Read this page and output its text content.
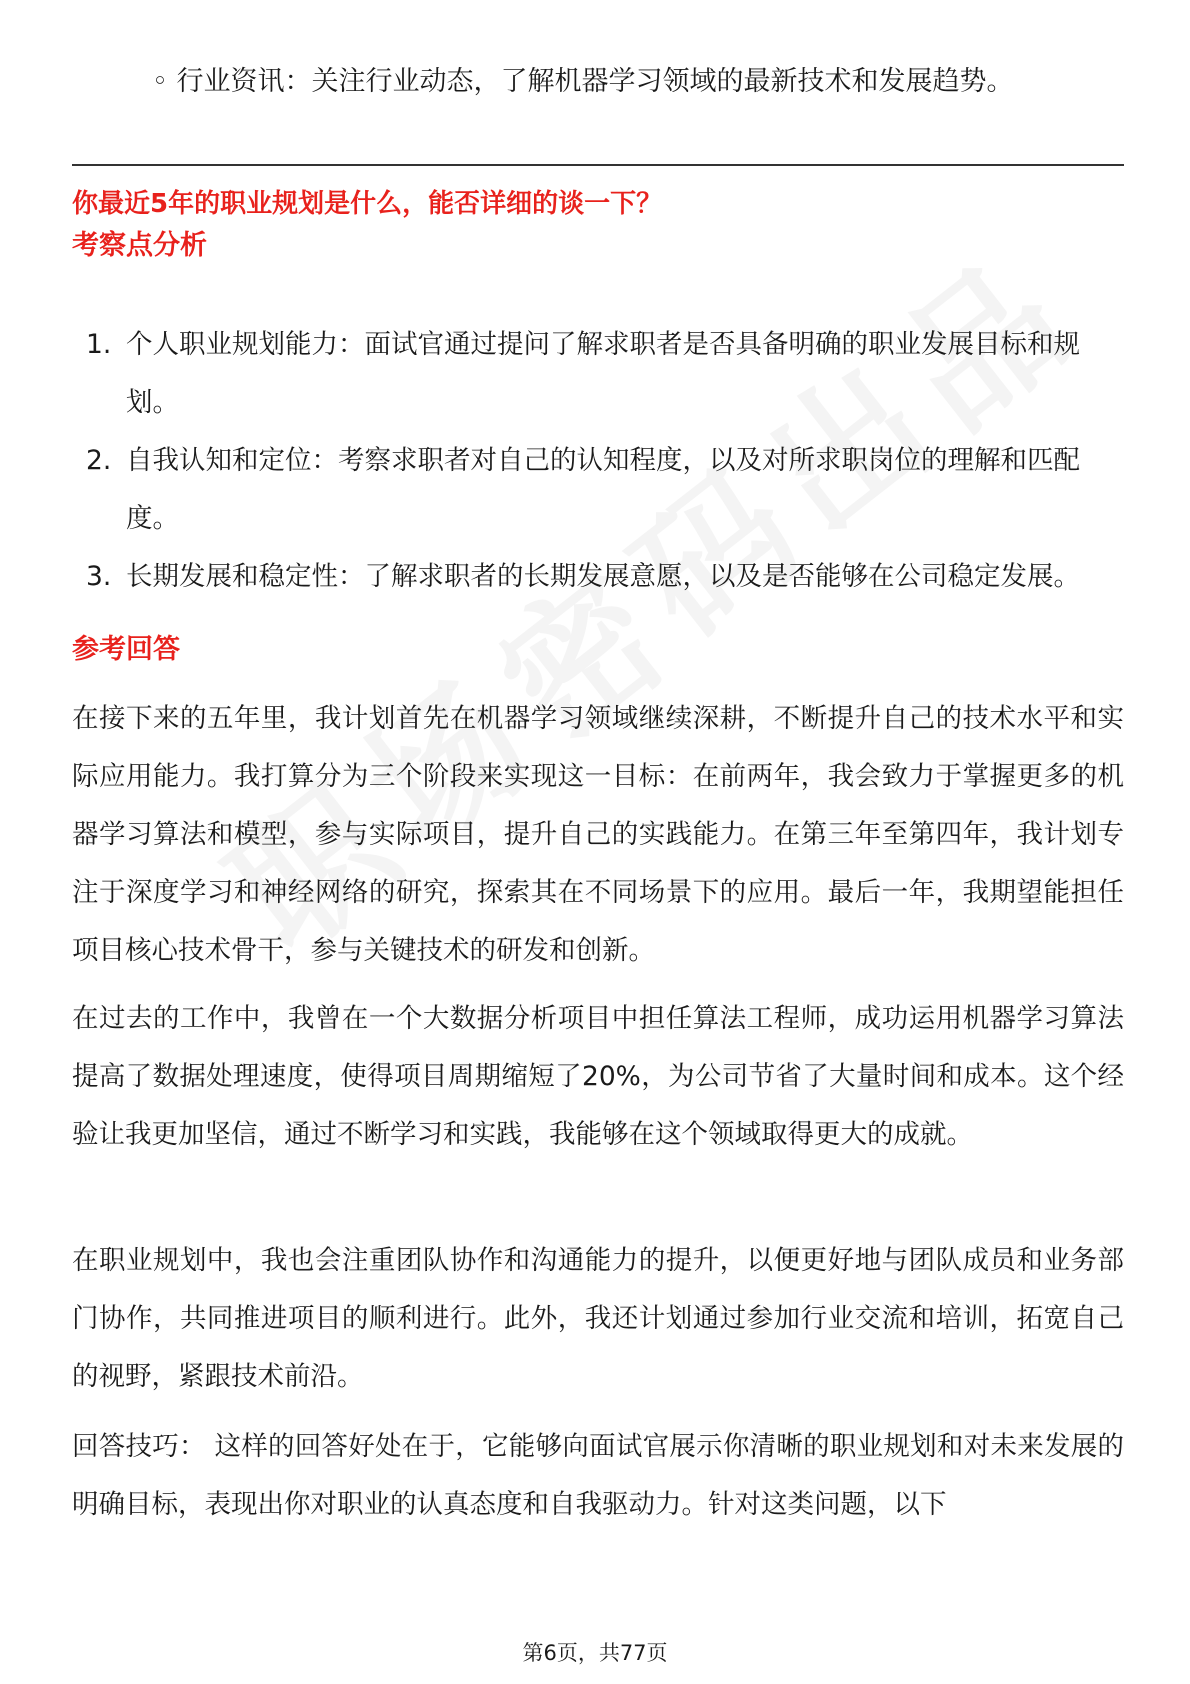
◦ 行业资讯：关注行业动态，了解机器学习领域的最新技术和发展趋势。
你最近5年的职业规划是什么，能否详细的谈一下？
考察点分析
1. 个人职业规划能力：面试官通过提问了解求职者是否具备明确的职业发展目标和规划。
2. 自我认知和定位：考察求职者对自己的认知程度，以及对所求职岗位的理解和匹配度。
3. 长期发展和稳定性：了解求职者的长期发展意愿，以及是否能够在公司稳定发展。
参考回答

在接下来的五年里，我计划首先在机器学习领域继续深耕，不断提升自己的技术水平和实际应用能力。我打算分为三个阶段来实现这一目标：在前两年，我会致力于掌握更多的机器学习算法和模型，参与实际项目，提升自己的实践能力。在第三年至第四年，我计划专注于深度学习和神经网络的研究，探索其在不同场景下的应用。最后一年，我期望能担任项目核心技术骨干，参与关键技术的研发和创新。

在过去的工作中，我曾在一个大数据分析项目中担任算法工程师，成功运用机器学习算法提高了数据处理速度，使得项目周期缩短了20%，为公司节省了大量时间和成本。这个经验让我更加坚信，通过不断学习和实践，我能够在这个领域取得更大的成就。

在职业规划中，我也会注重团队协作和沟通能力的提升，以便更好地与团队成员和业务部门协作，共同推进项目的顺利进行。此外，我还计划通过参加行业交流和培训，拓宽自己的视野，紧跟技术前沿。

回答技巧： 这样的回答好处在于，它能够向面试官展示你清晰的职业规划和对未来发展的明确目标，表现出你对职业的认真态度和自我驱动力。针对这类问题，以下

第6页，共77页
